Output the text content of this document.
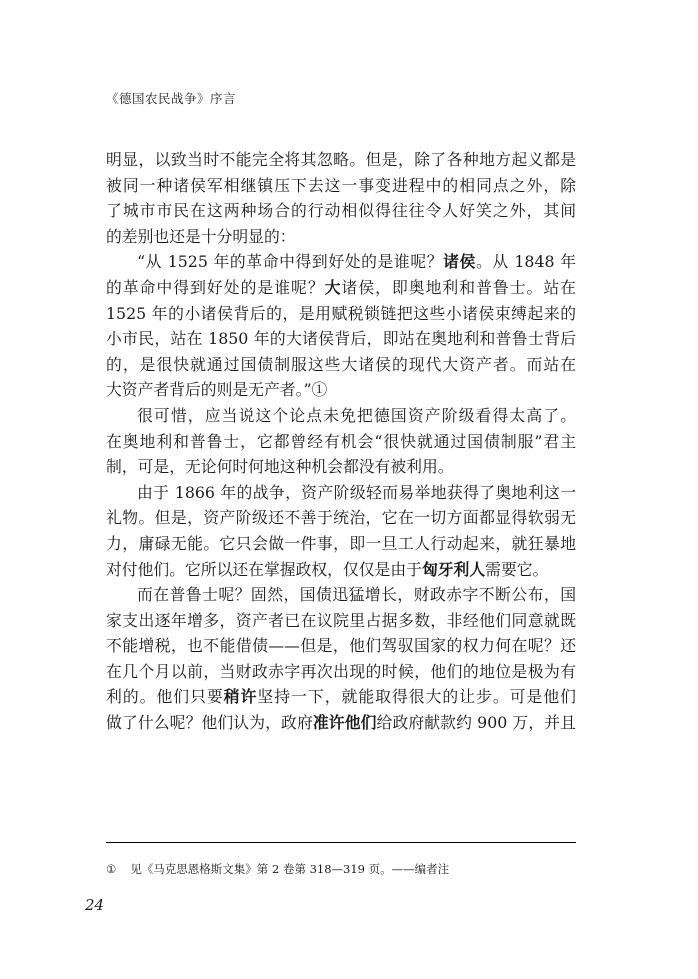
《德国农民战争》序言
明显，以致当时不能完全将其忽略。但是，除了各种地方起义都是
被同一种诸侯军相继镇压下去这一事变进程中的相同点之外，除
了城市市民在这两种场合的行动相似得往往令人好笑之外，其间
的差别也还是十分明显的：
“从 1525 年的革命中得到好处的是谁呢？诸侯。从 1848 年
的革命中得到好处的是谁呢？大诸侯，即奥地利和普鲁士。站在
1525 年的小诸侯背后的，是用赋税锁链把这些小诸侯束缚起来的
小市民，站在 1850 年的大诸侯背后，即站在奥地利和普鲁士背后
的，是很快就通过国债制服这些大诸侯的现代大资产者。而站在
大资产者背后的则是无产者。”①
很可惜，应当说这个论点未免把德国资产阶级看得太高了。
在奥地利和普鲁士，它都曾经有机会“很快就通过国债制服”君主
制，可是，无论何时何地这种机会都没有被利用。
由于 1866 年的战争，资产阶级轻而易举地获得了奥地利这一
礼物。但是，资产阶级还不善于统治，它在一切方面都显得软弱无
力，庸碌无能。它只会做一件事，即一旦工人行动起来，就狂暴地
对付他们。它所以还在掌握政权，仅仅是由于匈牙利人需要它。
而在普鲁士呢？固然，国债迅猛增长，财政赤字不断公布，国
家支出逐年增多，资产者已在议院里占据多数，非经他们同意就既
不能增税，也不能借债——但是，他们驾驭国家的权力何在呢？还
在几个月以前，当财政赤字再次出现的时候，他们的地位是极为有
利的。他们只要稍许坚持一下，就能取得很大的让步。可是他们
做了什么呢？他们认为，政府准许他们给政府献款约 900 万，并且
① 见《马克思恩格斯文集》第 2 卷第 318—319 页。——编者注
24
